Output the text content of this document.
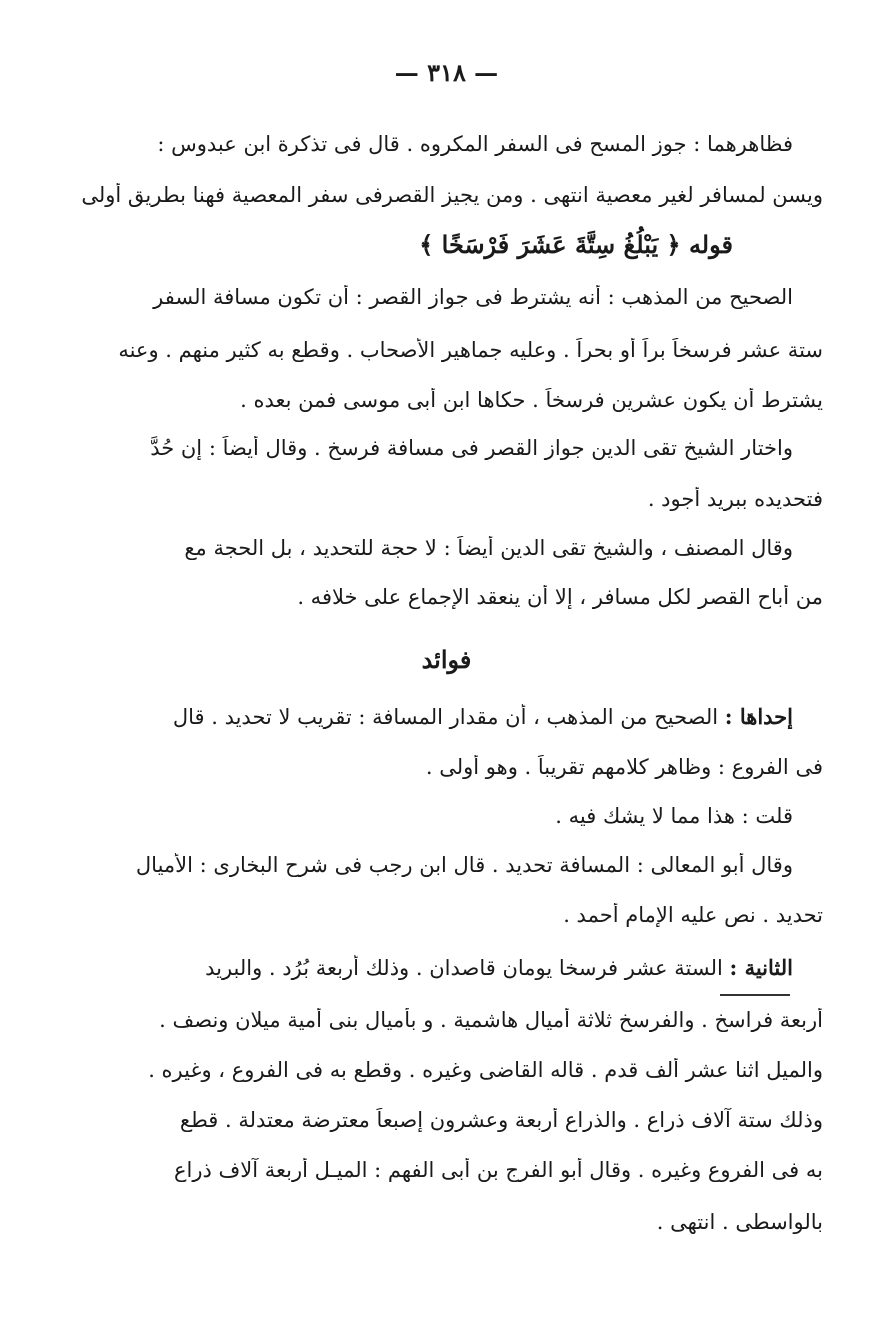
— ٣١٨ —
فظاهرهما : جوز المسح فى السفر المكروه . قال فى تذكرة ابن عبدوس :
ويسن لمسافر لغير معصية انتهى . ومن يجيز القصرفى سفر المعصية فهنا بطريق أولى
قوله ﴿ يَبْلُغُ سِتَّةَ عَشَرَ فَرْسَخًا ﴾
الصحيح من المذهب : أنه يشترط فى جواز القصر : أن تكون مسافة السفر
ستة عشر فرسخاً براً أو بحراً . وعليه جماهير الأصحاب . وقطع به كثير منهم . وعنه
يشترط أن يكون عشرين فرسخاً . حكاها ابن أبى موسى فمن بعده .
واختار الشيخ تقى الدين جواز القصر فى مسافة فرسخ . وقال أيضاً : إن حُدَّ
فتحديده ببريد أجود .
وقال المصنف ، والشيخ تقى الدين أيضاً : لا حجة للتحديد ، بل الحجة مع
من أباح القصر لكل مسافر ، إلا أن ينعقد الإجماع على خلافه .
فوائد
إحداها : الصحيح من المذهب ، أن مقدار المسافة : تقريب لا تحديد . قال
فى الفروع : وظاهر كلامهم تقريباً . وهو أولى .
قلت : هذا مما لا يشك فيه .
وقال أبو المعالى : المسافة تحديد . قال ابن رجب فى شرح البخارى : الأميال
تحديد . نص عليه الإمام أحمد .
الثانية : الستة عشر فرسخا يومان قاصدان . وذلك أربعة بُرُد . والبريد
أربعة فراسخ . والفرسخ ثلاثة أميال هاشمية . و بأميال بنى أمية ميلان ونصف .
والميل اثنا عشر ألف قدم . قاله القاضى وغيره . وقطع به فى الفروع ، وغيره .
وذلك ستة آلاف ذراع . والذراع أربعة وعشرون إصبعاً معترضة معتدلة . قطع
به فى الفروع وغيره . وقال أبو الفرج بن أبى الفهم : الميـل أربعة آلاف ذراع
بالواسطى . انتهى .
